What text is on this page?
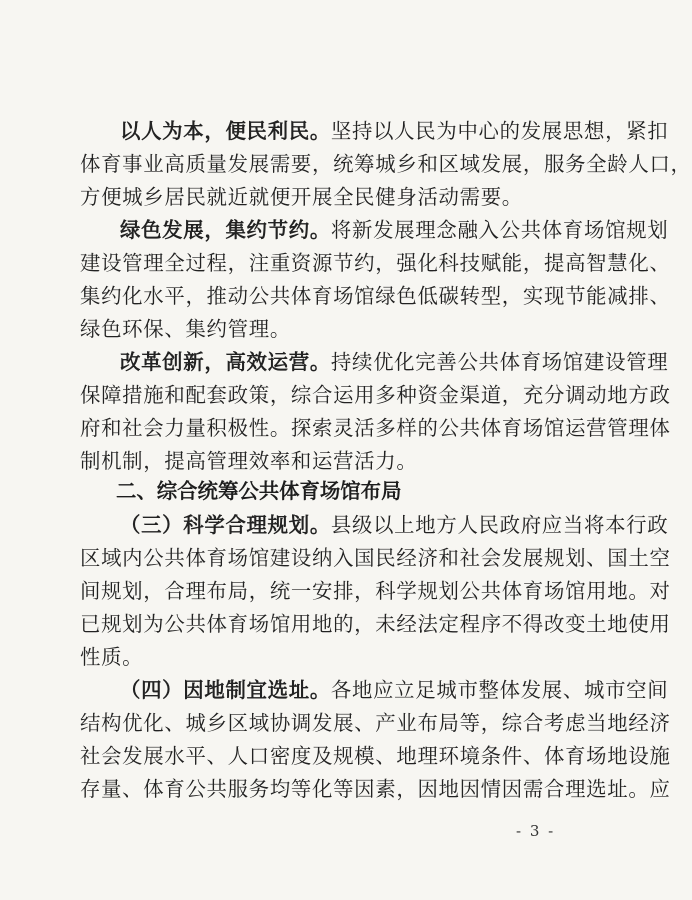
以人为本，便民利民。坚持以人民为中心的发展思想，紧扣
体育事业高质量发展需要，统筹城乡和区域发展，服务全龄人口，
方便城乡居民就近就便开展全民健身活动需要。
绿色发展，集约节约。将新发展理念融入公共体育场馆规划
建设管理全过程，注重资源节约，强化科技赋能，提高智慧化、
集约化水平，推动公共体育场馆绿色低碳转型，实现节能减排、
绿色环保、集约管理。
改革创新，高效运营。持续优化完善公共体育场馆建设管理
保障措施和配套政策，综合运用多种资金渠道，充分调动地方政
府和社会力量积极性。探索灵活多样的公共体育场馆运营管理体
制机制，提高管理效率和运营活力。
二、综合统筹公共体育场馆布局
（三）科学合理规划。县级以上地方人民政府应当将本行政
区域内公共体育场馆建设纳入国民经济和社会发展规划、国土空
间规划，合理布局，统一安排，科学规划公共体育场馆用地。对
已规划为公共体育场馆用地的，未经法定程序不得改变土地使用
性质。
（四）因地制宜选址。各地应立足城市整体发展、城市空间
结构优化、城乡区域协调发展、产业布局等，综合考虑当地经济
社会发展水平、人口密度及规模、地理环境条件、体育场地设施
存量、体育公共服务均等化等因素，因地因情因需合理选址。应
- 3 -
